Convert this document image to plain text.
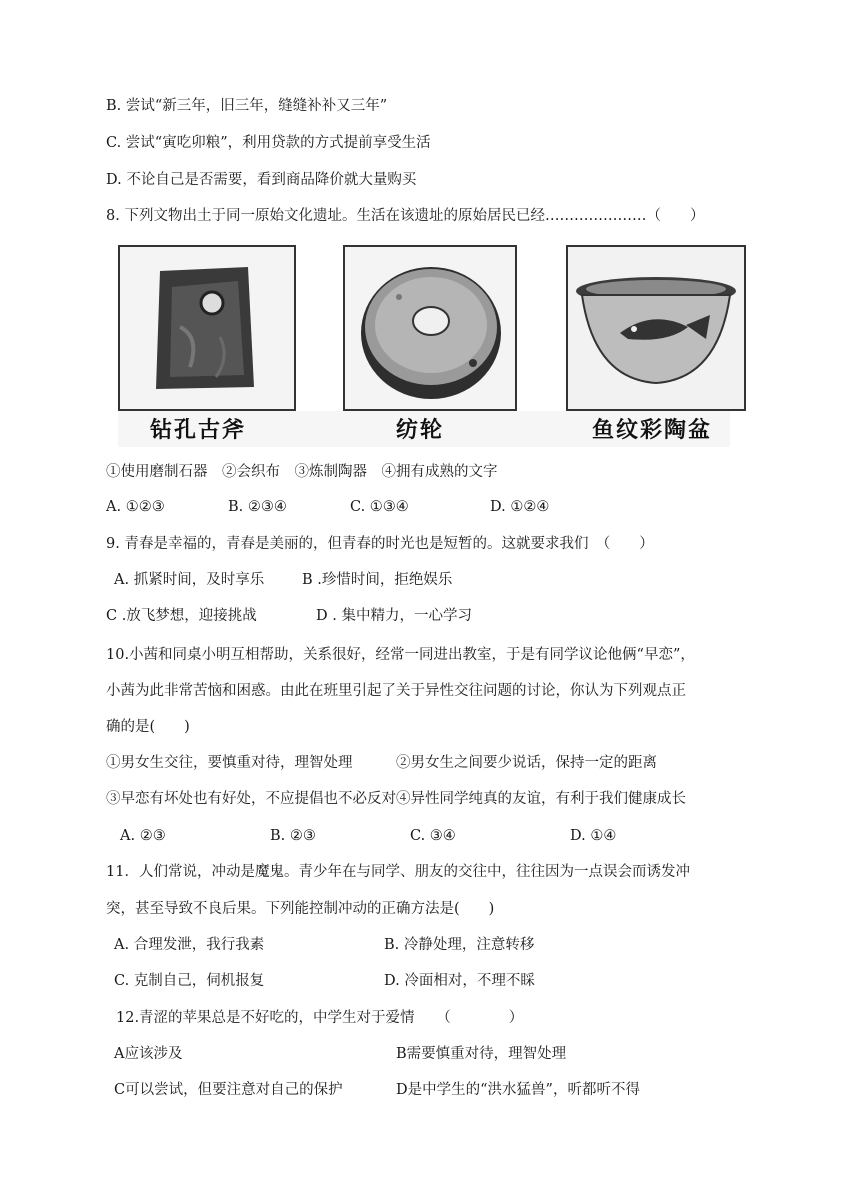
B. 尝试“新三年，旧三年，缝缝补补又三年”
C. 尝试“寅吃卯粮”，利用贷款的方式提前享受生活
D. 不论自己是否需要，看到商品降价就大量购买
8. 下列文物出土于同一原始文化遗址。生活在该遗址的原始居民已经…………………（　　）
钻孔古斧	纺轮	鱼纹彩陶盆
①使用磨制石器　②会织布　③炼制陶器　④拥有成熟的文字
A. ①②③	B. ②③④	C. ①③④	D. ①②④
9. 青春是幸福的，青春是美丽的，但青春的时光也是短暂的。这就要求我们　（　　）
A. 抓紧时间，及时享乐	B .珍惜时间，拒绝娱乐
C .放飞梦想，迎接挑战	D . 集中精力，一心学习
10.小茜和同桌小明互相帮助，关系很好，经常一同进出教室，于是有同学议论他俩“早恋”，
小茜为此非常苦恼和困惑。由此在班里引起了关于异性交往问题的讨论，你认为下列观点正
确的是(　　)
①男女生交往，要慎重对待，理智处理　　　②男女生之间要少说话，保持一定的距离
③早恋有坏处也有好处，不应提倡也不必反对④异性同学纯真的友谊，有利于我们健康成长
A. ②③	B. ②③	C. ③④	D. ①④
11．人们常说，冲动是魔鬼。青少年在与同学、朋友的交往中，往往因为一点误会而诱发冲
突，甚至导致不良后果。下列能控制冲动的正确方法是(　　)
A. 合理发泄，我行我素	B. 冷静处理，注意转移
C. 克制自己，伺机报复	D. 冷面相对，不理不睬
12.青涩的苹果总是不好吃的，中学生对于爱情　　（　　　　）
A应该涉及	B需要慎重对待，理智处理
C可以尝试，但要注意对自己的保护	D是中学生的“洪水猛兽”，听都听不得
